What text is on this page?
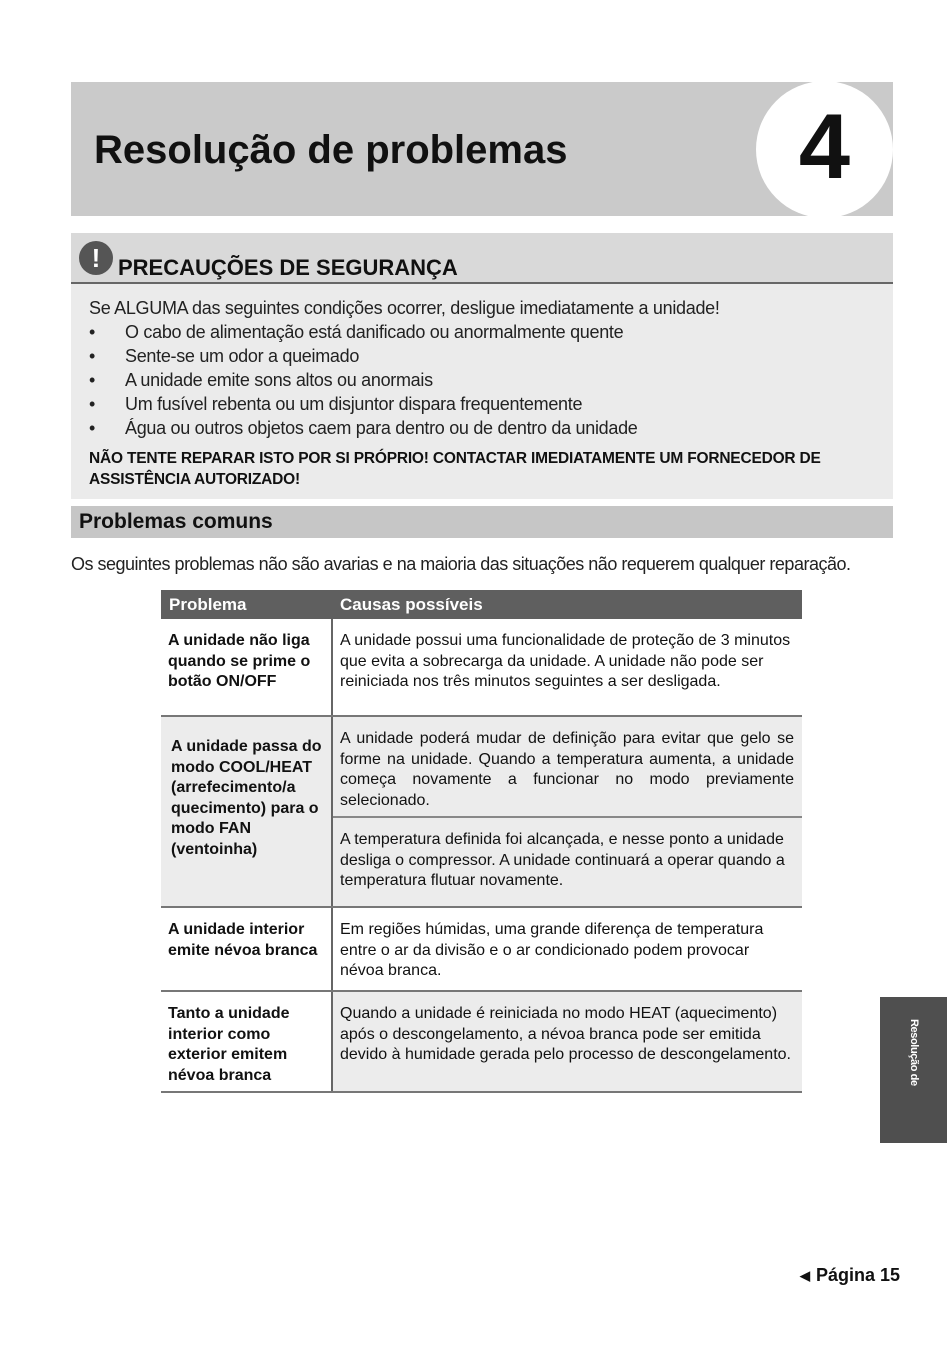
Resolução de problemas	4
! PRECAUÇÕES DE SEGURANÇA

Se ALGUMA das seguintes condições ocorrer, desligue imediatamente a unidade!

• O cabo de alimentação está danificado ou anormalmente quente
• Sente-se um odor a queimado
• A unidade emite sons altos ou anormais
• Um fusível rebenta ou um disjuntor dispara frequentemente
• Água ou outros objetos caem para dentro ou de dentro da unidade

NÃO TENTE REPARAR ISTO POR SI PRÓPRIO! CONTACTAR IMEDIATAMENTE UM FORNECEDOR DE ASSISTÊNCIA AUTORIZADO!

Problemas comuns

Os seguintes problemas não são avarias e na maioria das situações não requerem qualquer reparação.

Problema	Causas possíveis
A unidade não liga quando se prime o botão ON/OFF	A unidade possui uma funcionalidade de proteção de 3 minutos que evita a sobrecarga da unidade. A unidade não pode ser reiniciada nos três minutos seguintes a ser desligada.
A unidade passa do modo COOL/HEAT (arrefecimento/a quecimento) para o modo FAN (ventoinha)	A unidade poderá mudar de definição para evitar que gelo se forme na unidade. Quando a temperatura aumenta, a unidade começa novamente a funcionar no modo previamente selecionado.
	A temperatura definida foi alcançada, e nesse ponto a unidade desliga o compressor. A unidade continuará a operar quando a temperatura flutuar novamente.
A unidade interior emite névoa branca	Em regiões húmidas, uma grande diferença de temperatura entre o ar da divisão e o ar condicionado podem provocar névoa branca.
Tanto a unidade interior como exterior emitem névoa branca	Quando a unidade é reiniciada no modo HEAT (aquecimento) após o descongelamento, a névoa branca pode ser emitida devido à humidade gerada pelo processo de descongelamento.	Resolução de
◀ Página 15
